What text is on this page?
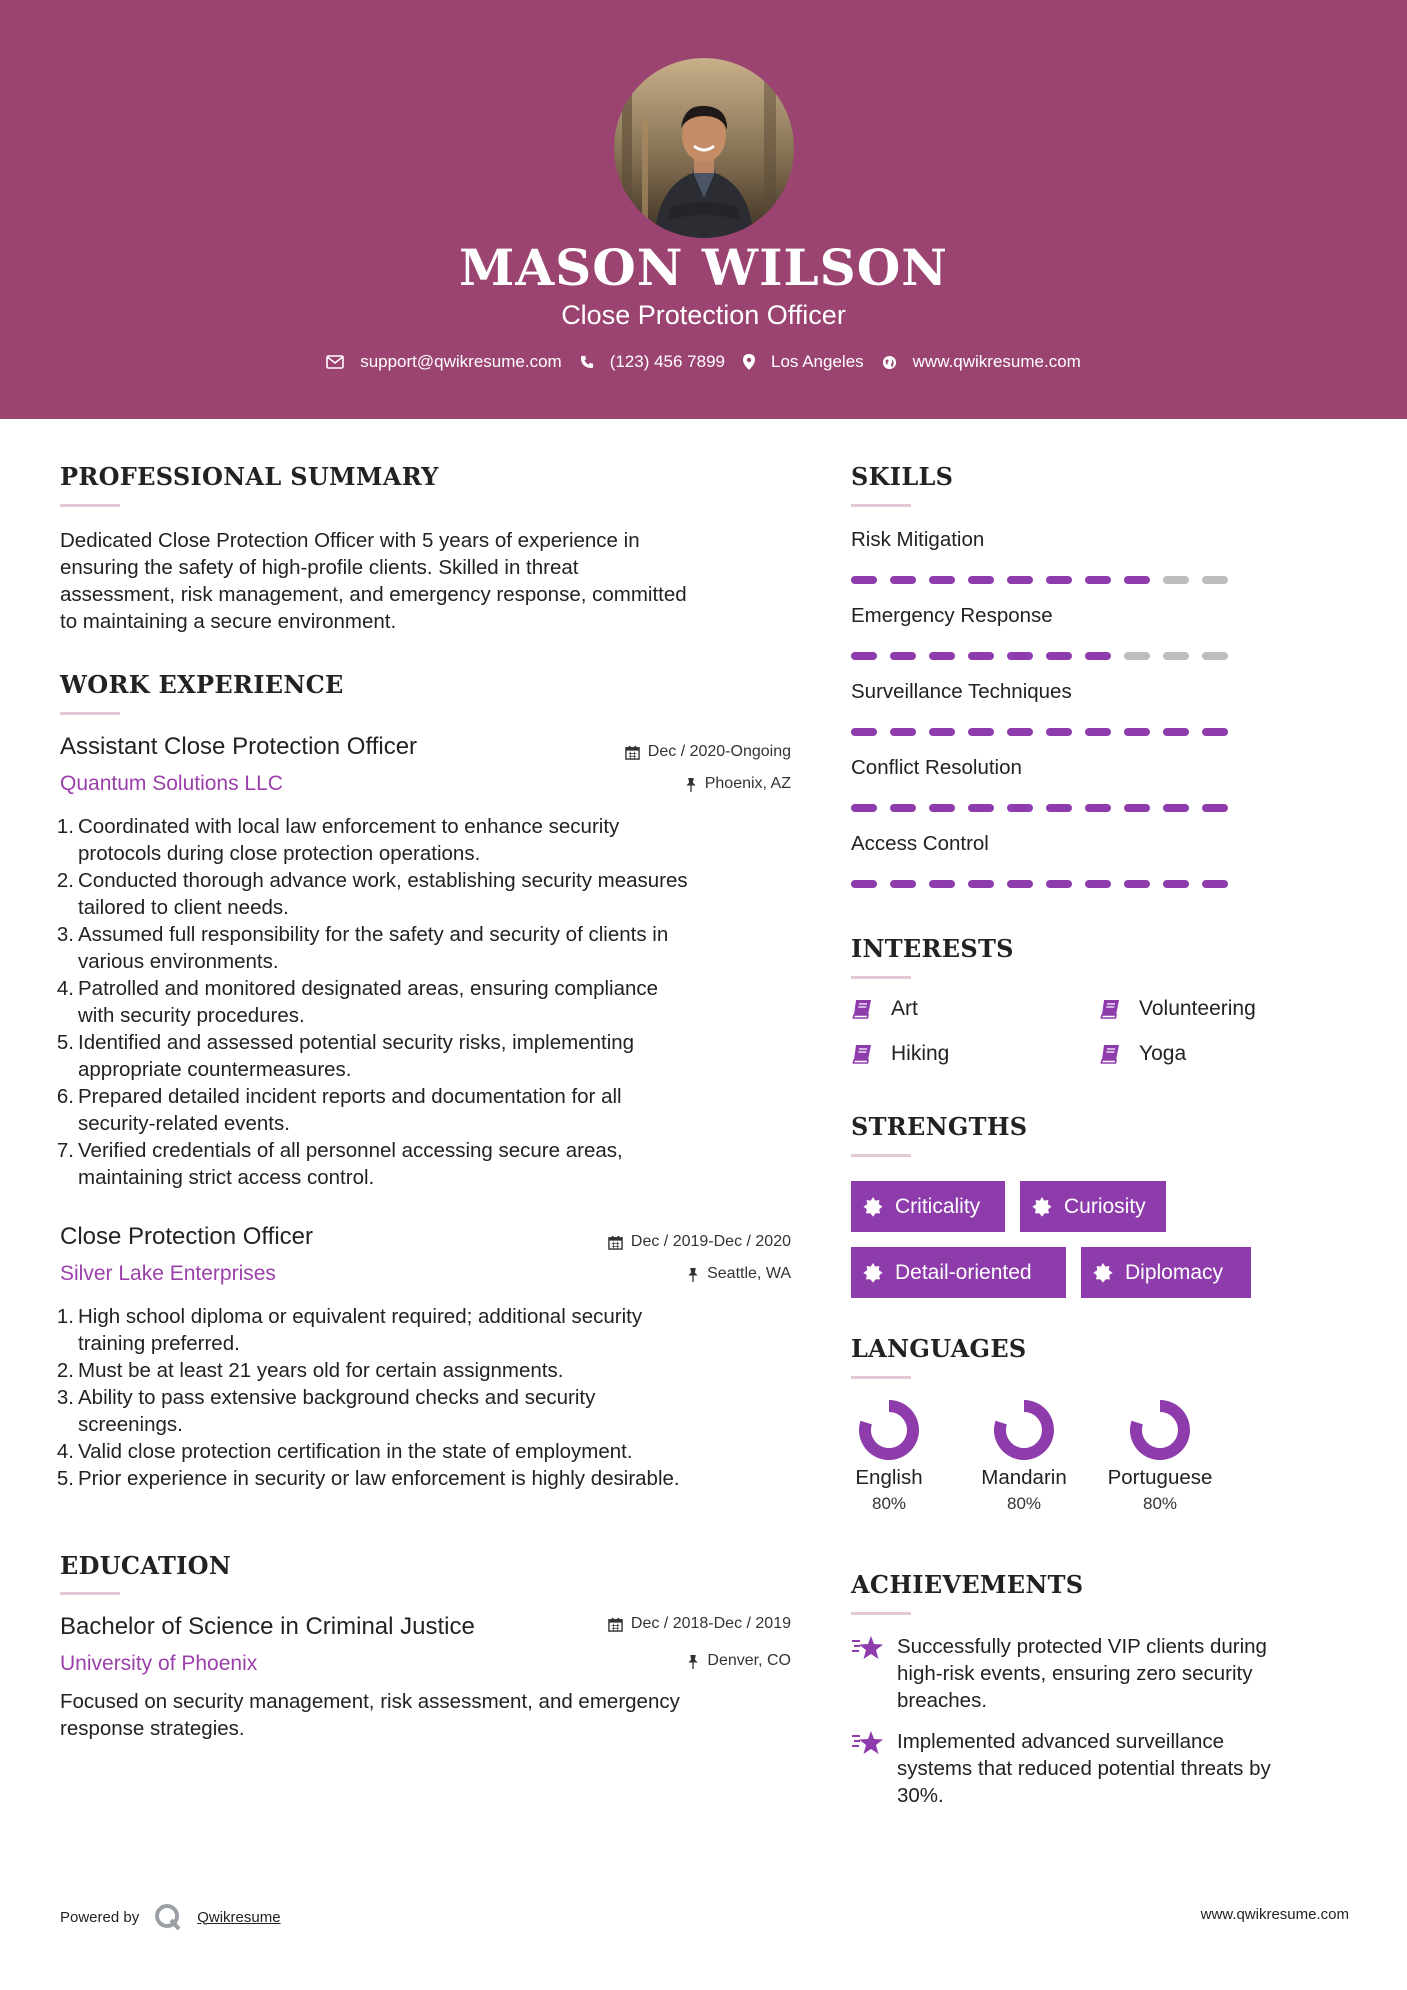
MASON WILSON
Close Protection Officer
support@qwikresume.com	(123) 456 7899	Los Angeles	www.qwikresume.com
PROFESSIONAL SUMMARY
Dedicated Close Protection Officer with 5 years of experience in
ensuring the safety of high-profile clients. Skilled in threat
assessment, risk management, and emergency response, committed
to maintaining a secure environment.
WORK EXPERIENCE
Assistant Close Protection Officer	Dec / 2020-Ongoing
Quantum Solutions LLC	Phoenix, AZ
1. Coordinated with local law enforcement to enhance security
protocols during close protection operations.
2. Conducted thorough advance work, establishing security measures
tailored to client needs.
3. Assumed full responsibility for the safety and security of clients in
various environments.
4. Patrolled and monitored designated areas, ensuring compliance
with security procedures.
5. Identified and assessed potential security risks, implementing
appropriate countermeasures.
6. Prepared detailed incident reports and documentation for all
security-related events.
7. Verified credentials of all personnel accessing secure areas,
maintaining strict access control.
Close Protection Officer	Dec / 2019-Dec / 2020
Silver Lake Enterprises	Seattle, WA
1. High school diploma or equivalent required; additional security
training preferred.
2. Must be at least 21 years old for certain assignments.
3. Ability to pass extensive background checks and security
screenings.
4. Valid close protection certification in the state of employment.
5. Prior experience in security or law enforcement is highly desirable.
EDUCATION
Bachelor of Science in Criminal Justice	Dec / 2018-Dec / 2019
University of Phoenix	Denver, CO
Focused on security management, risk assessment, and emergency
response strategies.
SKILLS
Risk Mitigation
Emergency Response
Surveillance Techniques
Conflict Resolution
Access Control
INTERESTS
Art	Volunteering
Hiking	Yoga
STRENGTHS
Criticality	Curiosity
Detail-oriented	Diplomacy
LANGUAGES
English
80%
Mandarin
80%
Portuguese
80%
ACHIEVEMENTS
Successfully protected VIP clients during
high-risk events, ensuring zero security
breaches.
Implemented advanced surveillance
systems that reduced potential threats by
30%.
Powered by	Qwikresume	www.qwikresume.com
